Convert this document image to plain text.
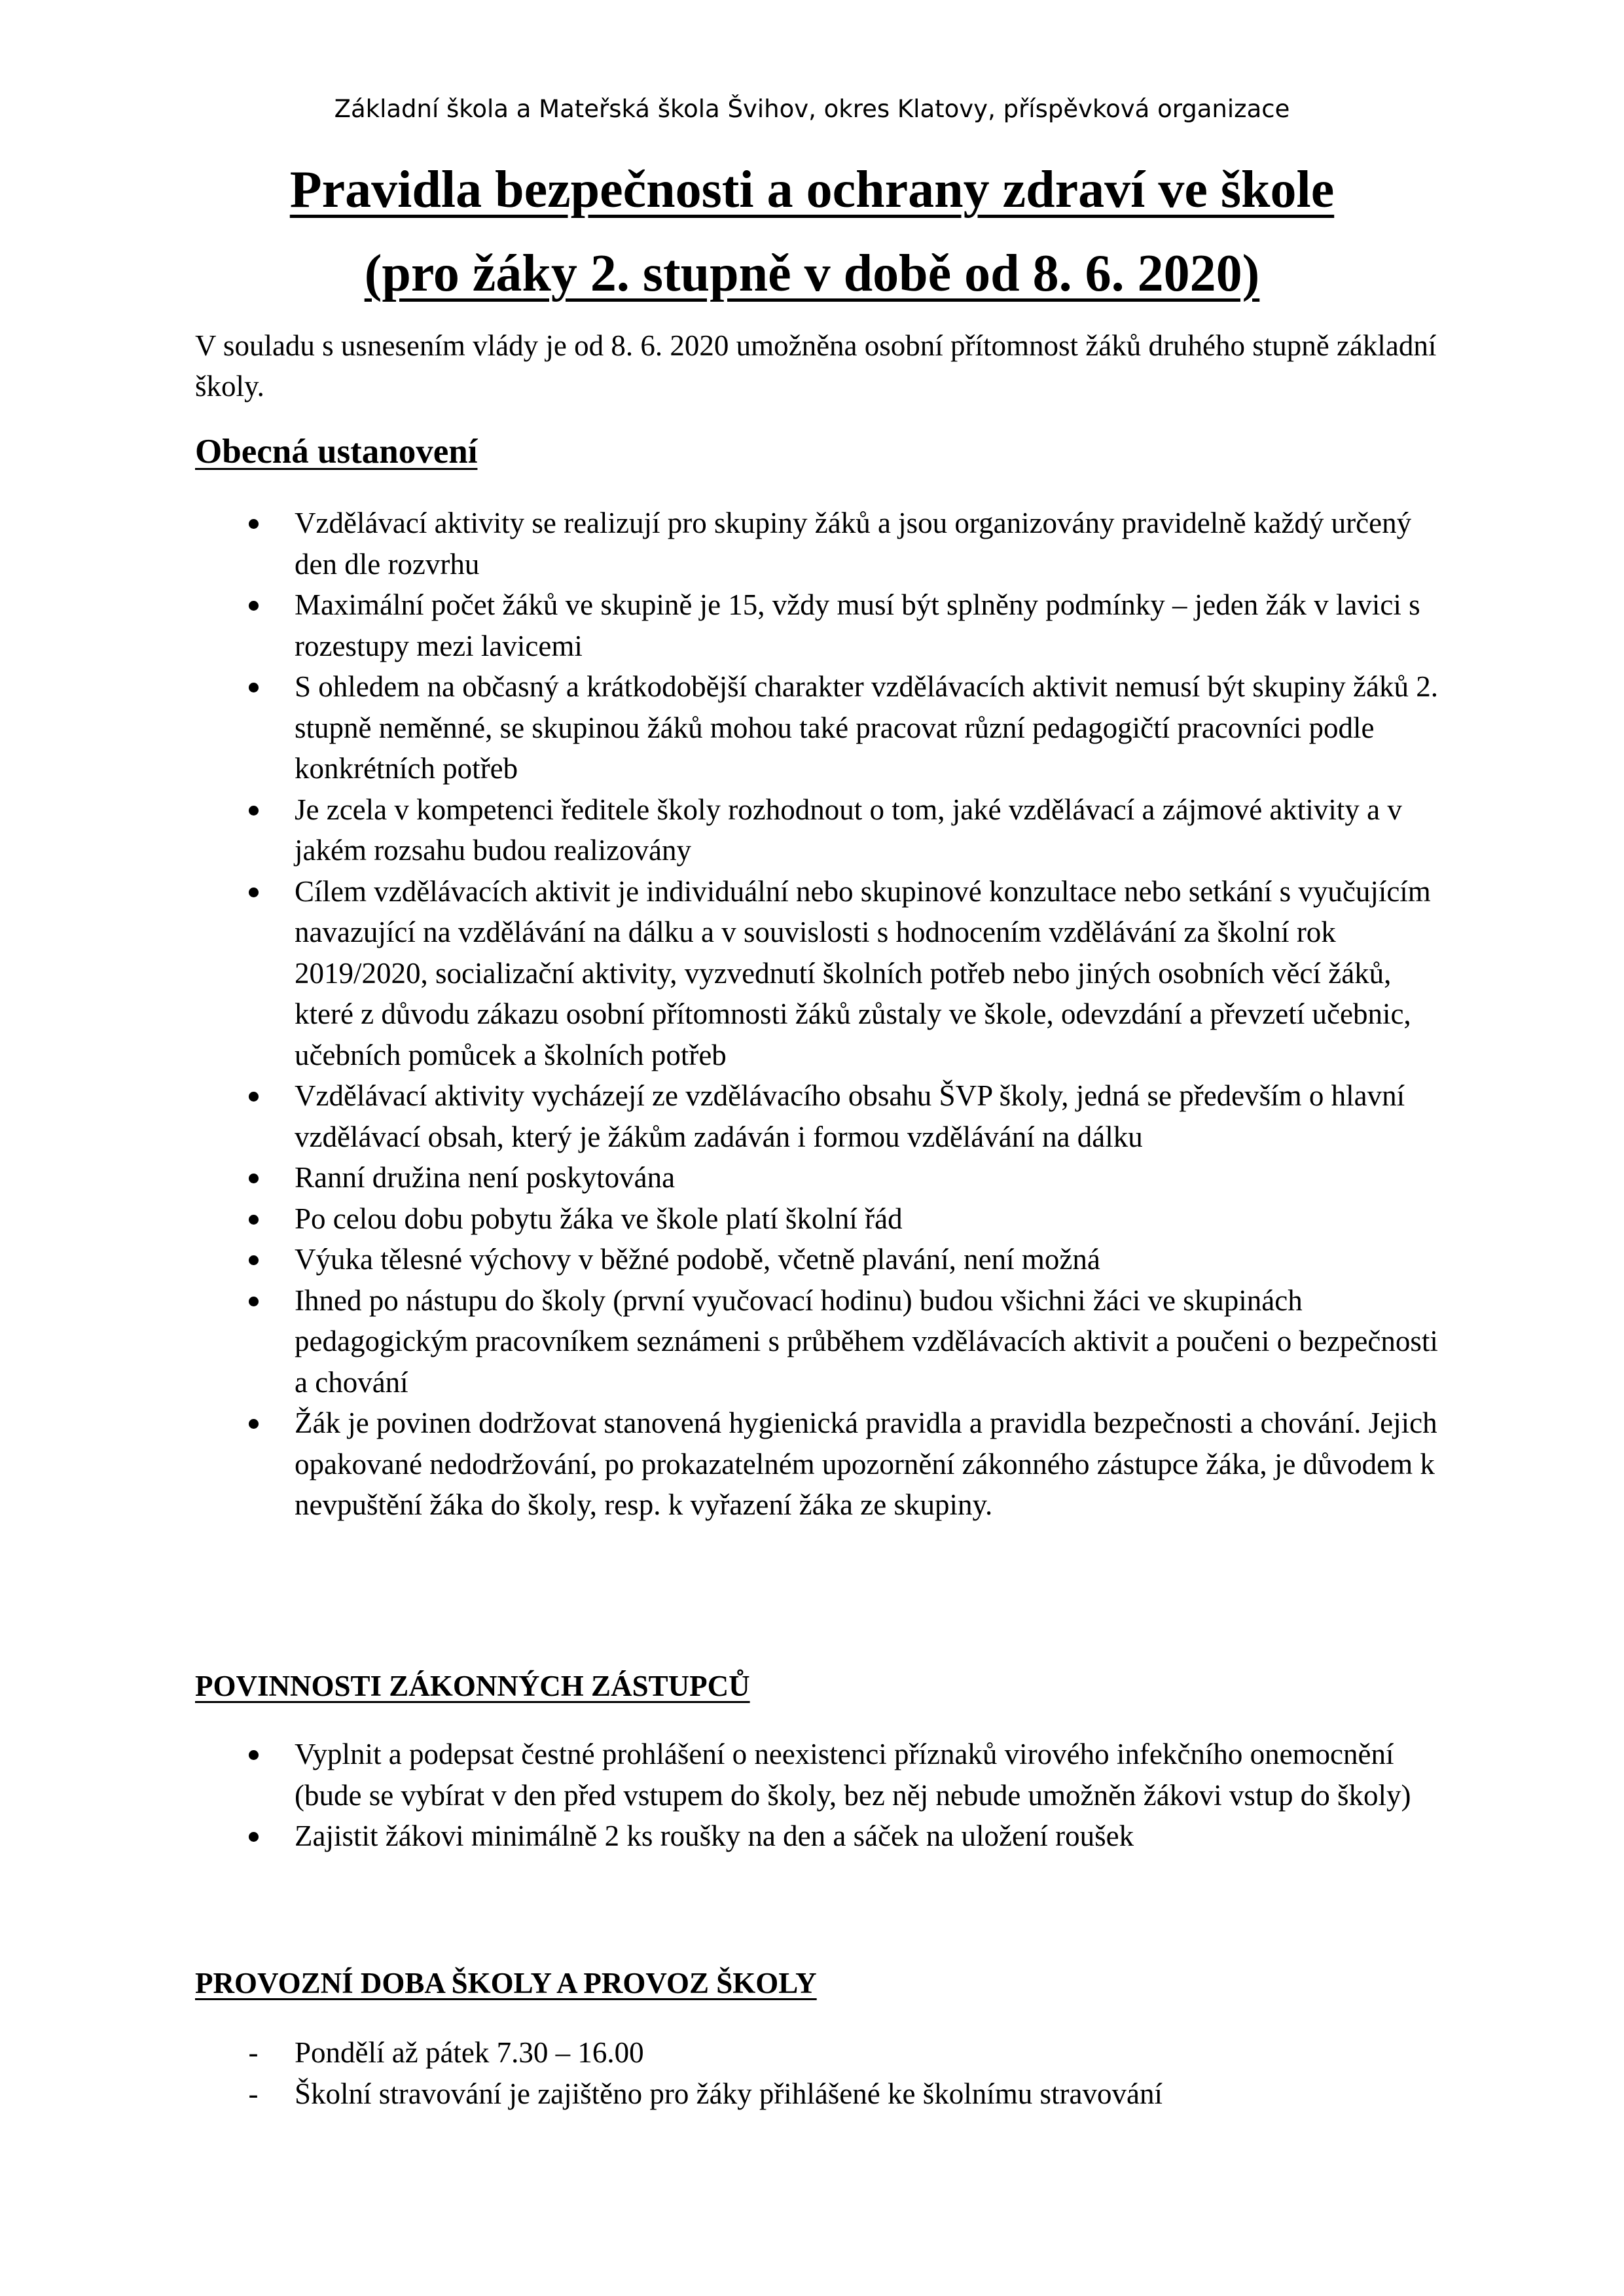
Základní škola a Mateřská škola Švihov, okres Klatovy, příspěvková organizace
Pravidla bezpečnosti a ochrany zdraví ve škole
(pro žáky 2. stupně v době od 8. 6. 2020)
V souladu s usnesením vlády je od 8. 6. 2020 umožněna osobní přítomnost žáků druhého stupně základní školy.
Obecná ustanovení
Vzdělávací aktivity se realizují pro skupiny žáků a jsou organizovány pravidelně každý určený den dle rozvrhu
Maximální počet žáků ve skupině je 15, vždy musí být splněny podmínky – jeden žák v lavici s rozestupy mezi lavicemi
S ohledem na občasný a krátkodobější charakter vzdělávacích aktivit nemusí být skupiny žáků 2. stupně neměnné, se skupinou žáků mohou také pracovat různí pedagogičtí pracovníci podle konkrétních potřeb
Je zcela v kompetenci ředitele školy rozhodnout o tom, jaké vzdělávací a zájmové aktivity a v jakém rozsahu budou realizovány
Cílem vzdělávacích aktivit je individuální nebo skupinové konzultace nebo setkání s vyučujícím navazující na vzdělávání na dálku a v souvislosti s hodnocením vzdělávání za školní rok 2019/2020, socializační aktivity, vyzvednutí školních potřeb nebo jiných osobních věcí žáků, které z důvodu zákazu osobní přítomnosti žáků zůstaly ve škole, odevzdání a převzetí učebnic, učebních pomůcek a školních potřeb
Vzdělávací aktivity vycházejí ze vzdělávacího obsahu ŠVP školy, jedná se především o hlavní vzdělávací obsah, který je žákům zadáván i formou vzdělávání na dálku
Ranní družina není poskytována
Po celou dobu pobytu žáka ve škole platí školní řád
Výuka tělesné výchovy v běžné podobě, včetně plavání, není možná
Ihned po nástupu do školy (první vyučovací hodinu) budou všichni žáci ve skupinách pedagogickým pracovníkem seznámeni s průběhem vzdělávacích aktivit a poučeni o bezpečnosti a chování
Žák je povinen dodržovat stanovená hygienická pravidla a pravidla bezpečnosti a chování. Jejich opakované nedodržování, po prokazatelném upozornění zákonného zástupce žáka, je důvodem k nevpuštění žáka do školy, resp. k vyřazení žáka ze skupiny.
POVINNOSTI ZÁKONNÝCH ZÁSTUPCŮ
Vyplnit a podepsat čestné prohlášení o neexistenci příznaků virového infekčního onemocnění (bude se vybírat v den před vstupem do školy, bez něj nebude umožněn žákovi vstup do školy)
Zajistit žákovi minimálně 2 ks roušky na den a sáček na uložení roušek
PROVOZNÍ DOBA ŠKOLY A PROVOZ ŠKOLY
- Pondělí až pátek 7.30 – 16.00
- Školní stravování je zajištěno pro žáky přihlášené ke školnímu stravování
